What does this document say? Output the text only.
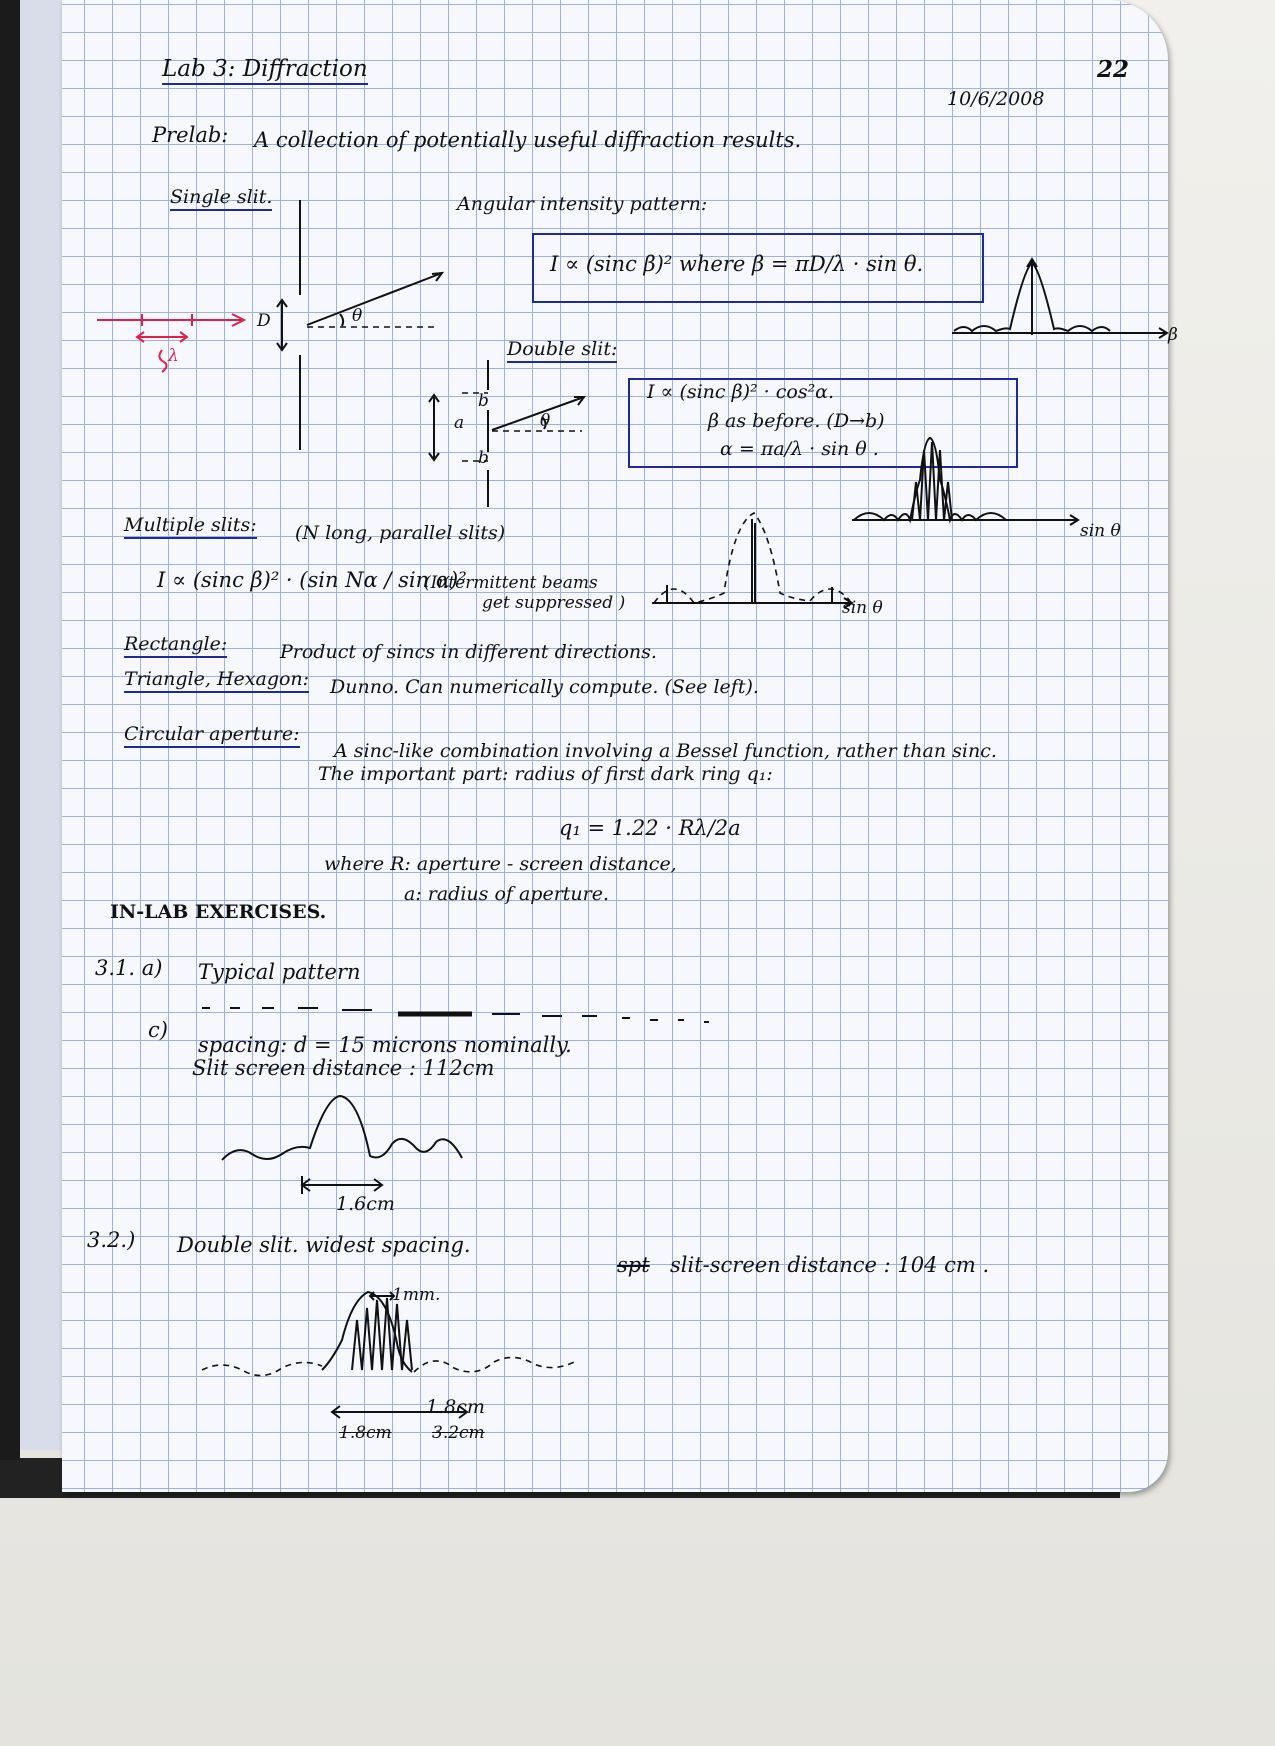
Lab 3: Diffraction
10/6/2008
22
Prelab: A collection of potentially useful diffraction results.
Single slit.	Angular intensity pattern:
I ∝ (sinc β)² where β = πD/λ · sin θ.
D
λ
θ
β
Double slit:
I ∝ (sinc β)² · cos²α.
β as before. (D→b)
α = πa/λ · sin θ .
a
b
b
θ
sin θ
Multiple slits: (N long, parallel slits)
I ∝ (sinc β)² · (sin Nα / sin α)²
(Intermittent beams
get suppressed )	sin θ
Rectangle:	Product of sincs in different directions.
Triangle, Hexagon: Dunno. Can numerically compute. (See left).
Circular aperture:
A sinc-like combination involving a Bessel function, rather than sinc.
The important part: radius of first dark ring q₁:
q₁ = 1.22 · Rλ/2a
where R: aperture - screen distance,
a: radius of aperture.
IN-LAB EXERCISES.
3.1. a) Typical pattern
c)
spacing: d = 15 microns nominally.
Slit screen distance : 112cm
1.6cm
3.2.) Double slit. widest spacing.
spt slit-screen distance : 104 cm .
1mm.
1.8cm
1.8cm 3.2cm
